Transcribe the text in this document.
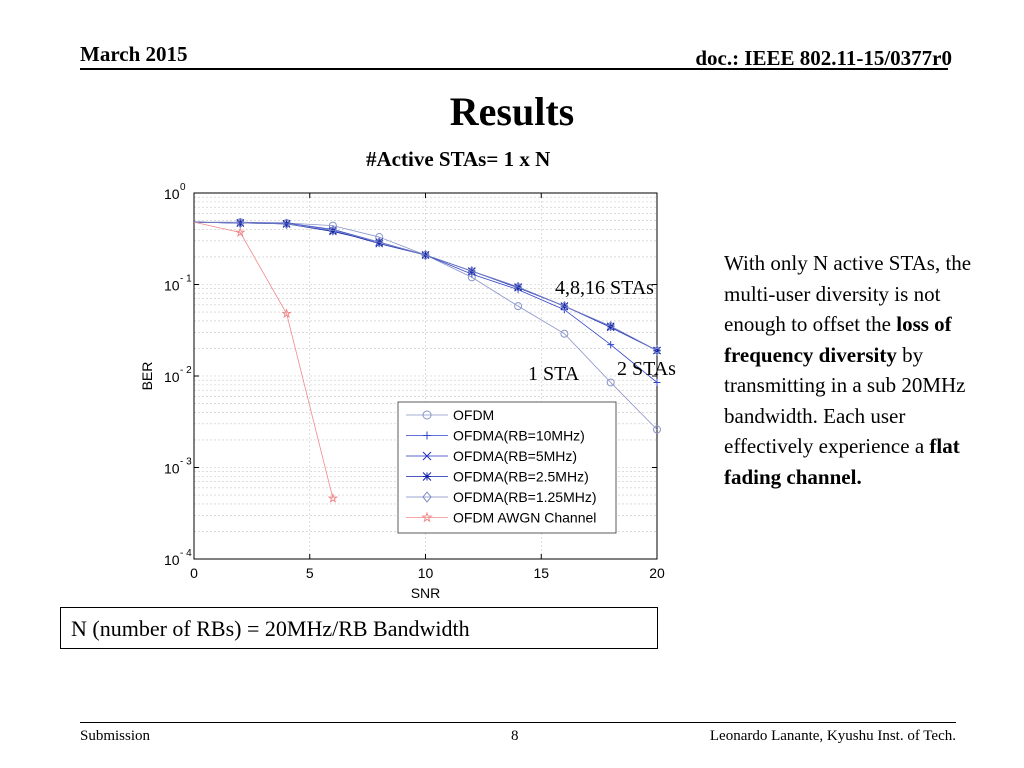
March 2015	doc.: IEEE 802.11-15/0377r0
Results
#Active STAs= 1 x N
0	5	10	15	20
10 0
10 - 1
10 - 2
10 - 3
10 - 4
SNR
BER
OFDM
OFDMA(RB=10MHz)
OFDMA(RB=5MHz)
OFDMA(RB=2.5MHz)
OFDMA(RB=1.25MHz)
OFDM AWGN Channel
4,8,16 STAs
1 STA 2 STAs
With only N active STAs, the multi-user diversity is not enough to offset the loss of frequency diversity by transmitting in a sub 20MHz bandwidth. Each user effectively experience a flat fading channel.
N (number of RBs) = 20MHz/RB Bandwidth
Submission	8	Leonardo Lanante, Kyushu Inst. of Tech.
